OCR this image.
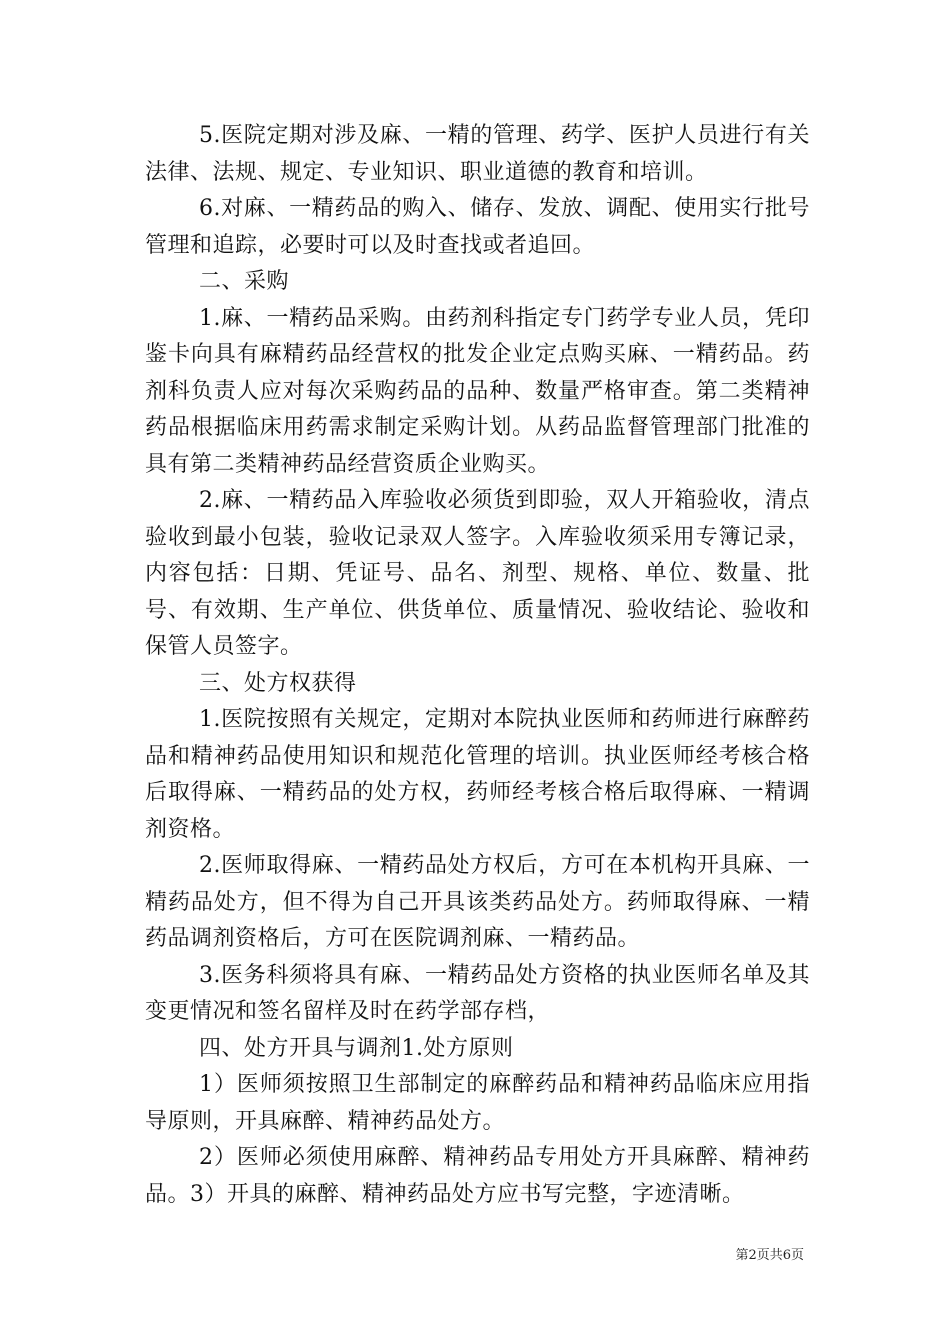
5.医院定期对涉及麻、一精的管理、药学、医护人员进行有关法律、法规、规定、专业知识、职业道德的教育和培训。

6.对麻、一精药品的购入、储存、发放、调配、使用实行批号管理和追踪，必要时可以及时查找或者追回。

二、采购

1.麻、一精药品采购。由药剂科指定专门药学专业人员，凭印鉴卡向具有麻精药品经营权的批发企业定点购买麻、一精药品。药剂科负责人应对每次采购药品的品种、数量严格审查。第二类精神药品根据临床用药需求制定采购计划。从药品监督管理部门批准的具有第二类精神药品经营资质企业购买。

2.麻、一精药品入库验收必须货到即验，双人开箱验收，清点验收到最小包装，验收记录双人签字。入库验收须采用专簿记录，内容包括：日期、凭证号、品名、剂型、规格、单位、数量、批号、有效期、生产单位、供货单位、质量情况、验收结论、验收和保管人员签字。

三、处方权获得

1.医院按照有关规定，定期对本院执业医师和药师进行麻醉药品和精神药品使用知识和规范化管理的培训。执业医师经考核合格后取得麻、一精药品的处方权，药师经考核合格后取得麻、一精调剂资格。

2.医师取得麻、一精药品处方权后，方可在本机构开具麻、一精药品处方，但不得为自己开具该类药品处方。药师取得麻、一精药品调剂资格后，方可在医院调剂麻、一精药品。

3.医务科须将具有麻、一精药品处方资格的执业医师名单及其变更情况和签名留样及时在药学部存档，

四、处方开具与调剂1.处方原则

1）医师须按照卫生部制定的麻醉药品和精神药品临床应用指导原则，开具麻醉、精神药品处方。

2）医师必须使用麻醉、精神药品专用处方开具麻醉、精神药品。3）开具的麻醉、精神药品处方应书写完整，字迹清晰。

第2页共6页
